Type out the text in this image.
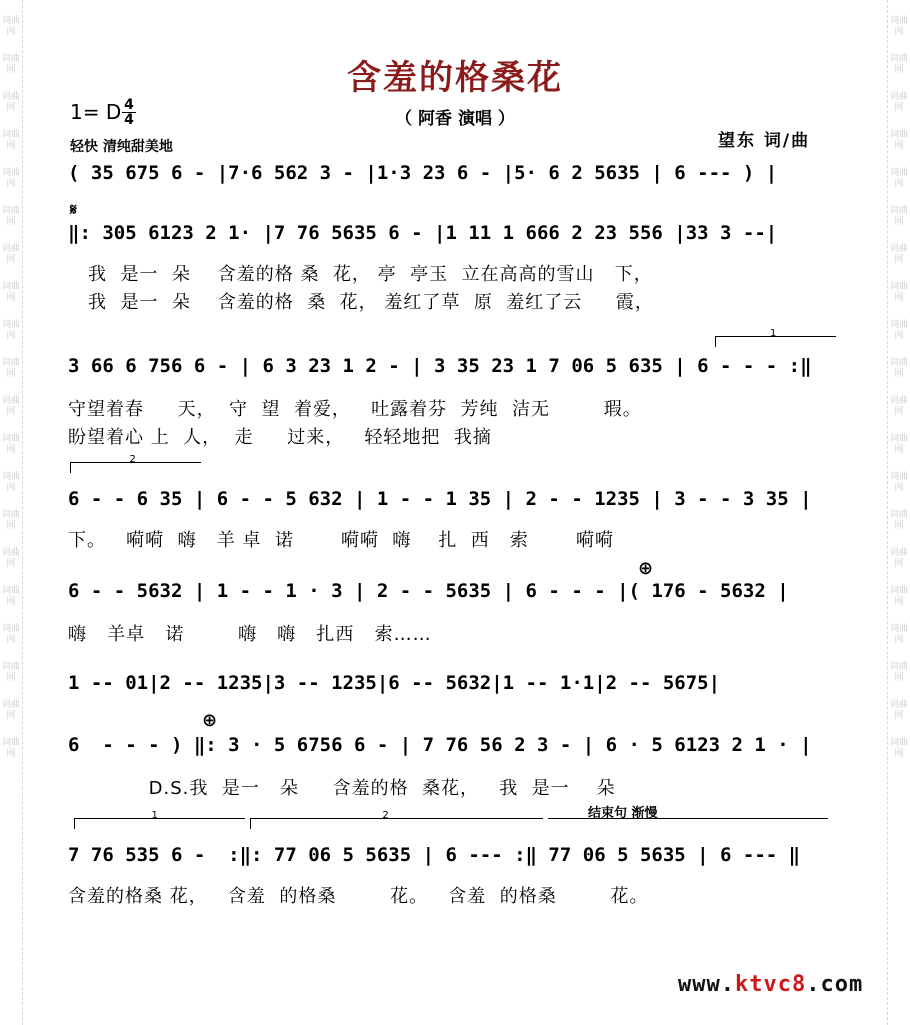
词曲网
词曲网
词曲网
词曲网
词曲网
词曲网
词曲网
词曲网
词曲网
词曲网
词曲网
词曲网
词曲网
词曲网
词曲网
词曲网
词曲网
词曲网
词曲网
词曲网
词曲网
词曲网
词曲网
词曲网
词曲网
词曲网
词曲网
词曲网
词曲网
词曲网
词曲网
词曲网
词曲网
词曲网
词曲网
词曲网
词曲网
词曲网
词曲网
词曲网
含羞的格桑花
（ 阿香 演唱 ）
1= D 4
4
轻快 清纯甜美地	望东 词/曲
( 35 675 6 - |7·6 562 3 - |1·3 23 6 - |5· 6 2 5635 | 6 --- ) |
𝄋
‖: 305 6123 2 1· |7 76 5635 6 - |1 11 1 666 2 23 556 |33 3 --|
我  是一  朵    含羞的格 桑  花， 亭  亭玉  立在高高的雪山   下，
我  是一  朵    含羞的格  桑  花， 羞红了草  原  羞红了云     霞，
1
3 66 6 756 6 - | 6 3 23 1 2 - | 3 35 23 1 7 06 5 635 | 6 - - - :‖
守望着春     天，  守  望  着爱，   吐露着芬  芳纯  洁无        瑕。
盼望着心 上  人，  走     过来，   轻轻地把  我摘
2
6 - - 6 35 | 6 - - 5 632 | 1 - - 1 35 | 2 - - 1235 | 3 - - 3 35 |
下。   嗬嗬  嗨   羊 卓  诺       嗬嗬  嗨    扎  西   索       嗬嗬
⊕
6 - - 5632 | 1 - - 1 · 3 | 2 - - 5635 | 6 - - - |( 176 - 5632 |
嗨   羊卓   诺        嗨   嗨   扎西   索……
1 -- 01|2 -- 1235|3 -- 1235|6 -- 5632|1 -- 1·1|2 -- 5675|
⊕
6  - - - ) ‖: 3 · 5 6756 6 - | 7 76 56 2 3 - | 6 · 5 6123 2 1 · |
D.S.我  是一   朵     含羞的格  桑花，   我  是一    朵
1	2	结束句 渐慢
7 76 535 6 -  :‖: 77 06 5 5635 | 6 --- :‖ 77 06 5 5635 | 6 --- ‖
含羞的格桑 花，   含羞  的格桑        花。   含羞  的格桑        花。
www.ktvc8.com
